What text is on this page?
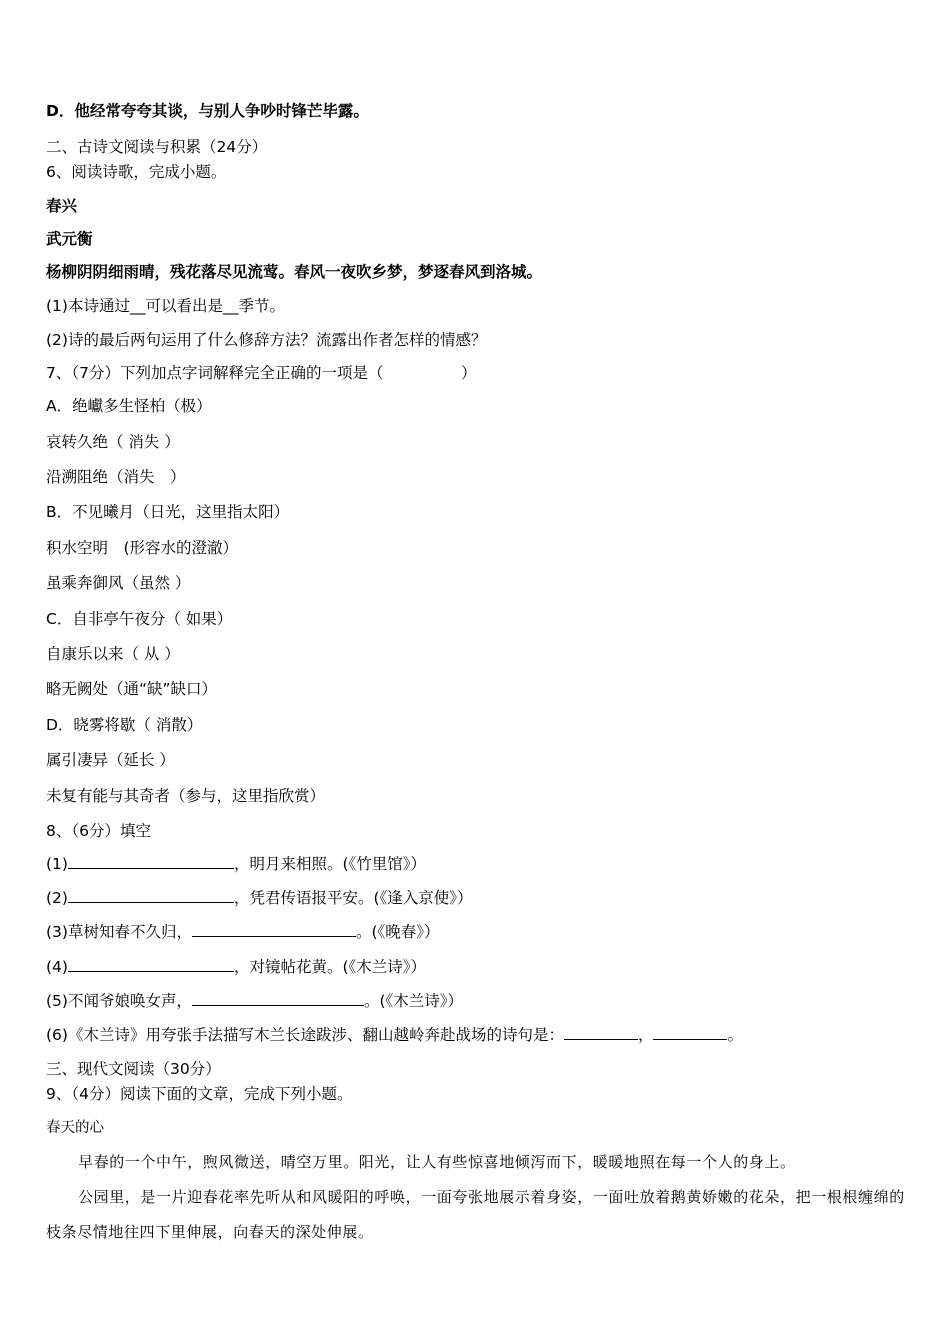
D．他经常夸夸其谈，与别人争吵时锋芒毕露。
二、古诗文阅读与积累（24分）
6、阅读诗歌，完成小题。
春兴
武元衡
杨柳阴阴细雨晴，残花落尽见流莺。春风一夜吹乡梦，梦逐春风到洛城。
(1)本诗通过__可以看出是__季节。
(2)诗的最后两句运用了什么修辞方法？流露出作者怎样的情感？
7、（7分）下列加点字词解释完全正确的一项是（　　　　　）
A．绝巘多生怪柏（极）
哀转久绝（ 消失 ）
沿溯阻绝（消失　）
B．不见曦月（日光，这里指太阳）
积水空明　(形容水的澄澈）
虽乘奔御风（虽然 ）
C．自非亭午夜分（ 如果）
自康乐以来（ 从 ）
略无阙处（通“缺”缺口）
D．晓雾将歇（ 消散）
属引凄异（延长 ）
未复有能与其奇者（参与，这里指欣赏）
8、（6分）填空
(1)	，明月来相照。(《竹里馆》）
(2)	，凭君传语报平安。(《逢入京使》）
(3)草树知春不久归，	。(《晚春》）
(4)	，对镜帖花黄。(《木兰诗》）
(5)不闻爷娘唤女声，	。(《木兰诗》）
(6)《木兰诗》用夸张手法描写木兰长途跋涉、翻山越岭奔赴战场的诗句是：	，	。
三、现代文阅读（30分）
9、（4分）阅读下面的文章，完成下列小题。
春天的心
早春的一个中午，煦风微送，晴空万里。阳光，让人有些惊喜地倾泻而下，暖暖地照在每一个人的身上。
公园里，是一片迎春花率先听从和风暖阳的呼唤，一面夸张地展示着身姿，一面吐放着鹅黄娇嫩的花朵，把一根根缠绵的枝条尽情地往四下里伸展，向春天的深处伸展。
